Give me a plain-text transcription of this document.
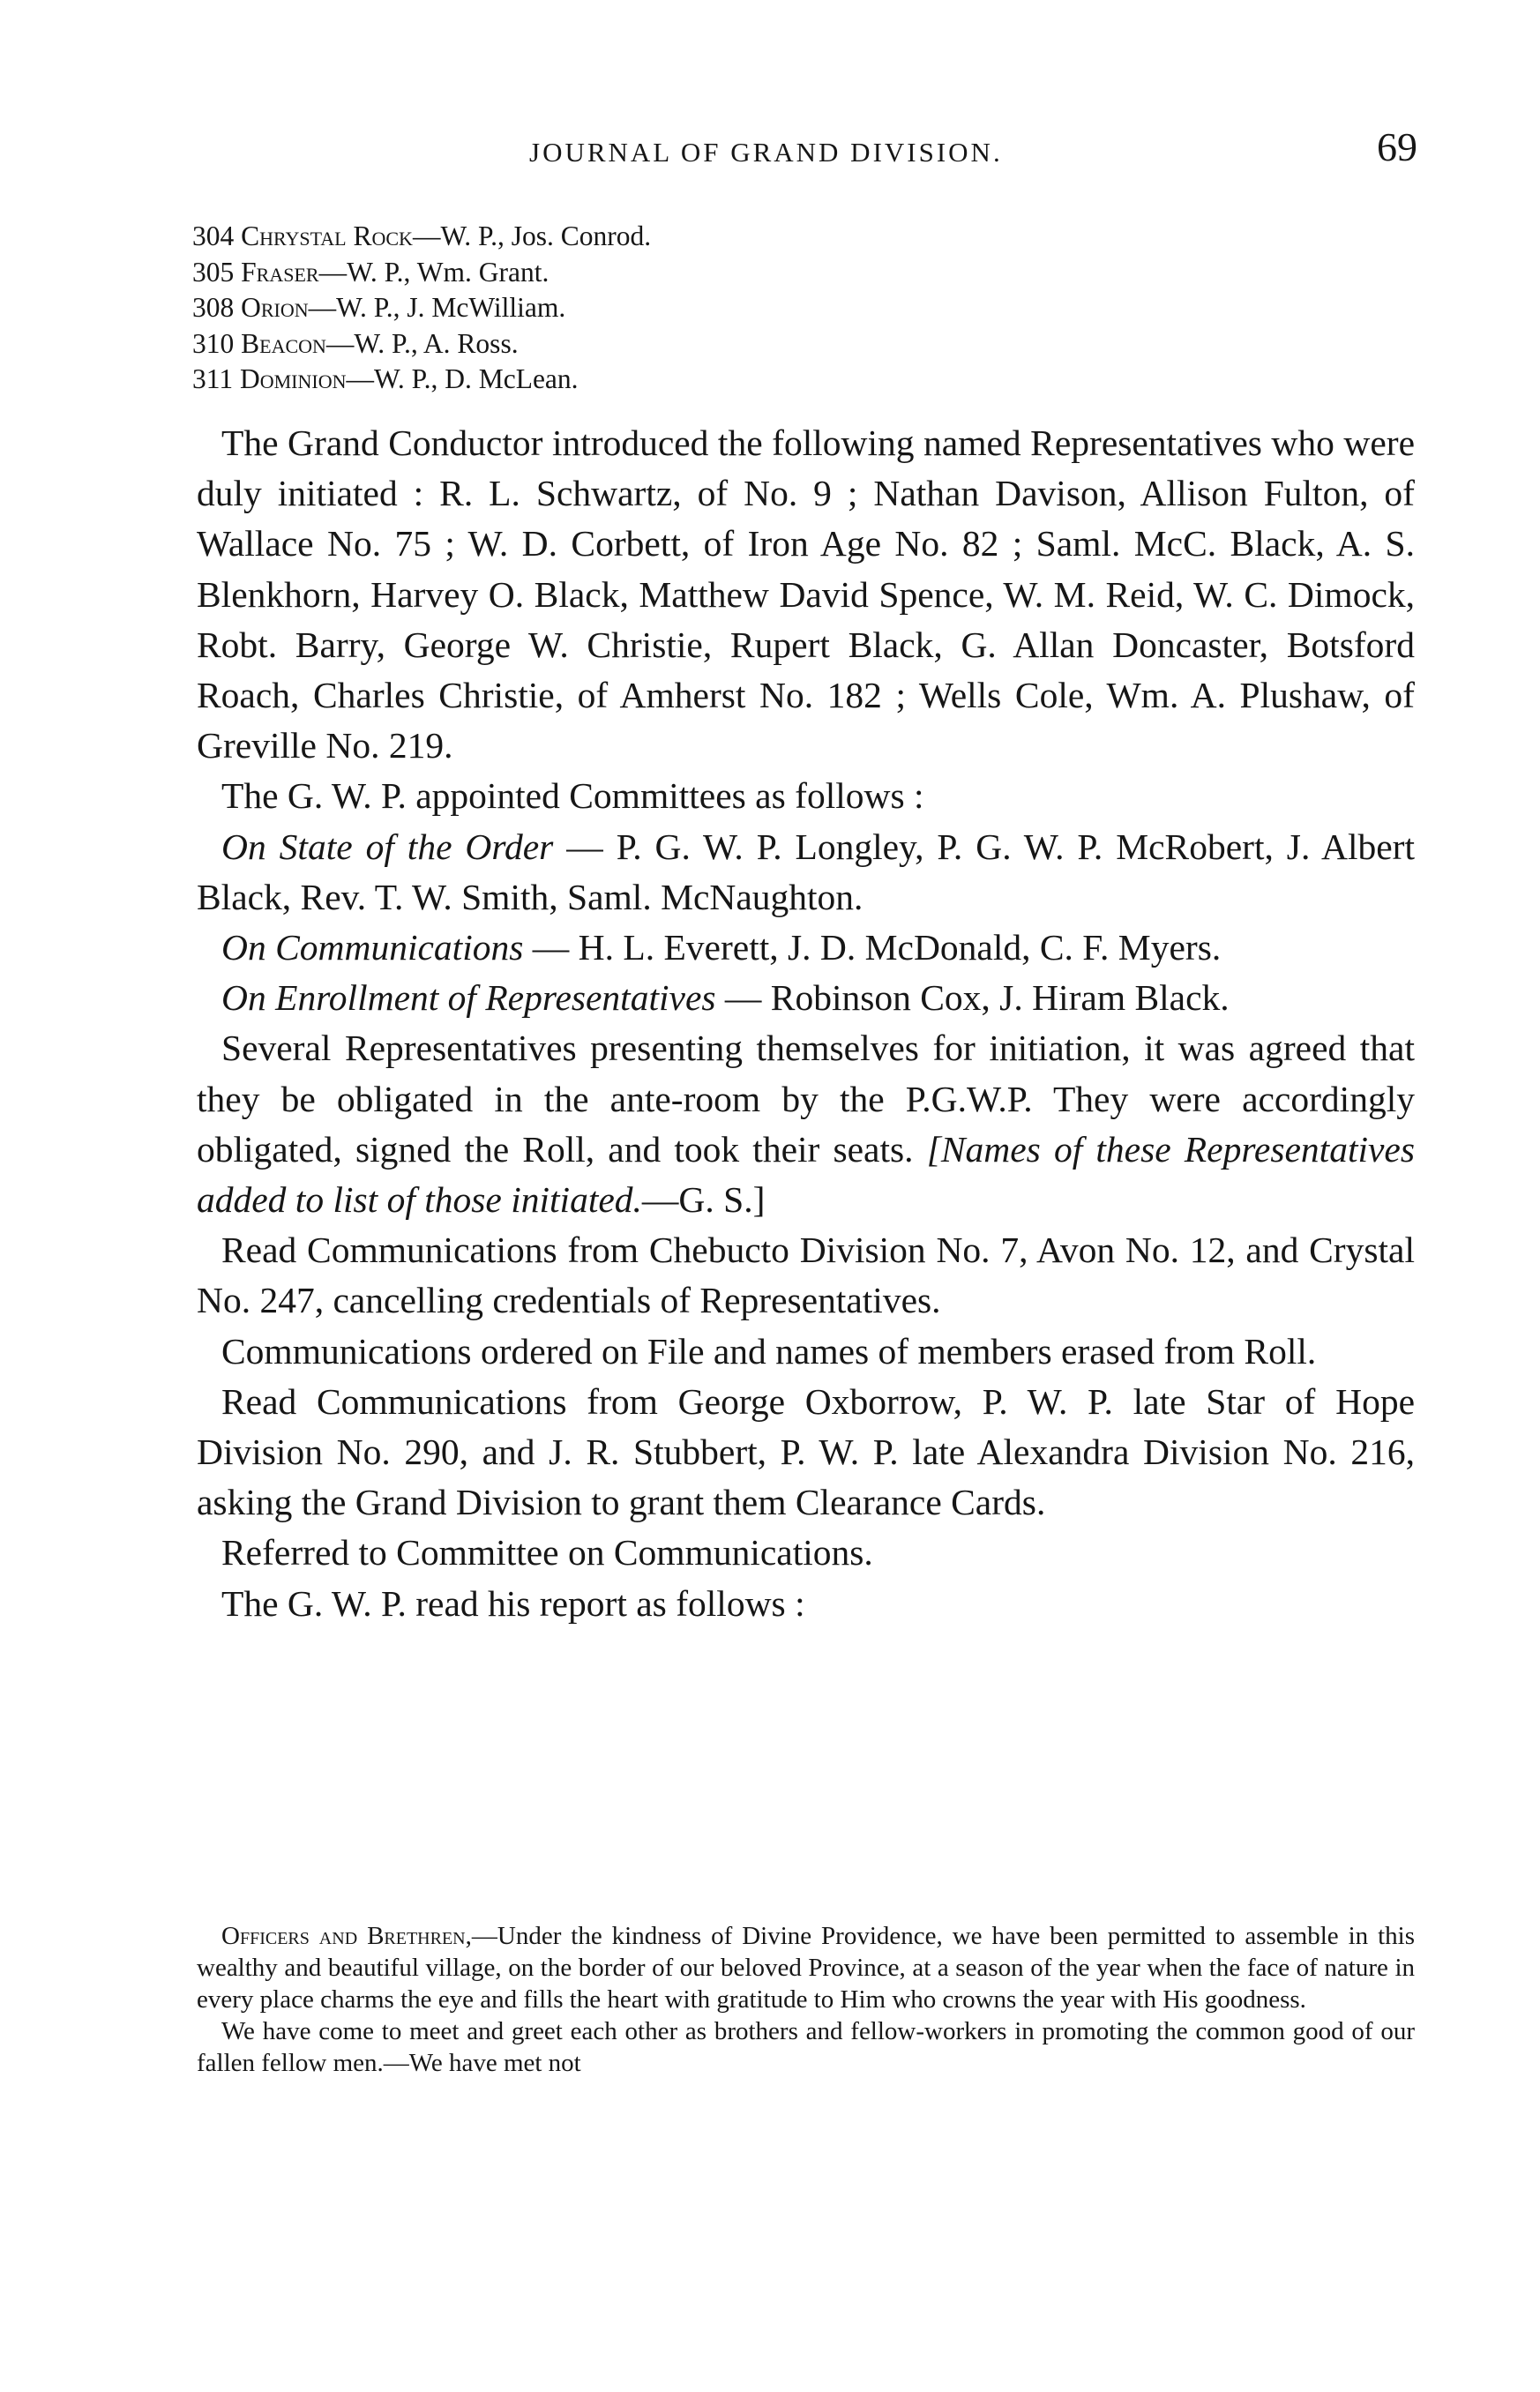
JOURNAL OF GRAND DIVISION.	69
304 Chrystal Rock—W. P., Jos. Conrod.
305 Fraser—W. P., Wm. Grant.
308 Orion—W. P., J. McWilliam.
310 Beacon—W. P., A. Ross.
311 Dominion—W. P., D. McLean.

The Grand Conductor introduced the following named Representatives who were duly initiated : R. L. Schwartz, of No. 9 ; Nathan Davison, Allison Fulton, of Wallace No. 75 ; W. D. Corbett, of Iron Age No. 82 ; Saml. McC. Black, A. S. Blenkhorn, Harvey O. Black, Matthew David Spence, W. M. Reid, W. C. Dimock, Robt. Barry, George W. Christie, Rupert Black, G. Allan Doncaster, Botsford Roach, Charles Christie, of Amherst No. 182 ; Wells Cole, Wm. A. Plushaw, of Greville No. 219.

The G. W. P. appointed Committees as follows :

On State of the Order — P. G. W. P. Longley, P. G. W. P. McRobert, J. Albert Black, Rev. T. W. Smith, Saml. McNaughton.

On Communications — H. L. Everett, J. D. McDonald, C. F. Myers.

On Enrollment of Representatives — Robinson Cox, J. Hiram Black.

Several Representatives presenting themselves for initiation, it was agreed that they be obligated in the ante-room by the P.G.W.P. They were accordingly obligated, signed the Roll, and took their seats. [Names of these Representatives added to list of those initiated.—G. S.]

Read Communications from Chebucto Division No. 7, Avon No. 12, and Crystal No. 247, cancelling credentials of Representatives.

Communications ordered on File and names of members erased from Roll.

Read Communications from George Oxborrow, P. W. P. late Star of Hope Division No. 290, and J. R. Stubbert, P. W. P. late Alexandra Division No. 216, asking the Grand Division to grant them Clearance Cards.

Referred to Committee on Communications.

The G. W. P. read his report as follows :

Officers and Brethren,—Under the kindness of Divine Providence, we have been permitted to assemble in this wealthy and beautiful village, on the border of our beloved Province, at a season of the year when the face of nature in every place charms the eye and fills the heart with gratitude to Him who crowns the year with His goodness.

We have come to meet and greet each other as brothers and fellow-workers in promoting the common good of our fallen fellow men.—We have met not
